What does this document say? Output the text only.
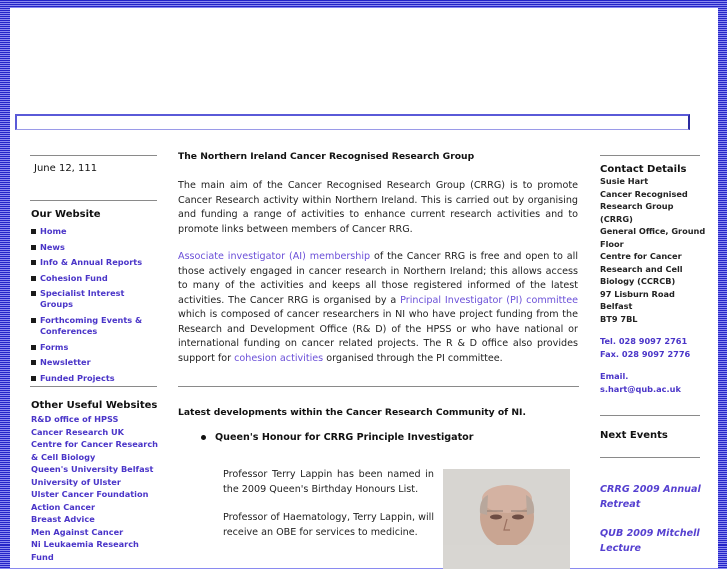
June 12, 111
Our Website
Home
News
Info & Annual Reports
Cohesion Fund
Specialist Interest Groups
Forthcoming Events & Conferences
Forms
Newsletter
Funded Projects
Other Useful Websites
R&D office of HPSS
Cancer Research UK
Centre for Cancer Research & Cell Biology
Queen's University Belfast
University of Ulster
Ulster Cancer Foundation
Action Cancer
Breast Advice
Men Against Cancer
Ni Leukaemia Research Fund
The Northern Ireland Cancer Recognised Research Group
The main aim of the Cancer Recognised Research Group (CRRG) is to promote Cancer Research activity within Northern Ireland. This is carried out by organising and funding a range of activities to enhance current research activities and to promote links between members of Cancer RRG.
Associate investigator (AI) membership of the Cancer RRG is free and open to all those actively engaged in cancer research in Northern Ireland; this allows access to many of the activities and keeps all those registered informed of the latest activities. The Cancer RRG is organised by a Principal Investigator (PI) committee which is composed of cancer researchers in NI who have project funding from the Research and Development Office (R& D) of the HPSS or who have national or international funding on cancer related projects. The R & D office also provides support for cohesion activities organised through the PI committee.
Latest developments within the Cancer Research Community of NI.
Queen's Honour for CRRG Principle Investigator
Professor Terry Lappin has been named in the 2009 Queen's Birthday Honours List.
Professor of Haematology, Terry Lappin, will receive an OBE for services to medicine.
Contact Details
Susie Hart
Cancer Recognised Research Group (CRRG)
General Office, Ground Floor
Centre for Cancer Research and Cell Biology (CCRCB)
97 Lisburn Road
Belfast
BT9 7BL
Tel. 028 9097 2761
Fax. 028 9097 2776
Email.
s.hart@qub.ac.uk
Next Events
CRRG 2009 Annual Retreat
QUB 2009 Mitchell Lecture
